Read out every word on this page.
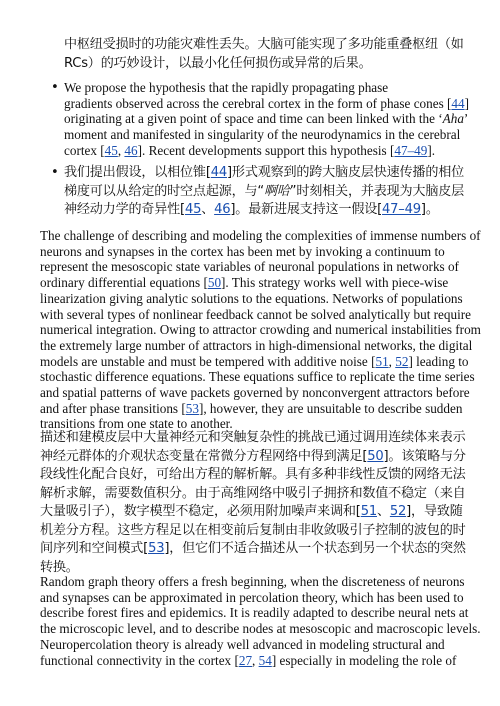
中枢纽受损时的功能灾难性丢失。大脑可能实现了多功能重叠枢纽（如

RCs）的巧妙设计，以最小化任何损伤或异常的后果。

• We propose the hypothesis that the rapidly propagating phase

gradients observed across the cerebral cortex in the form of phase cones [44]

originating at a given point of space and time can been linked with the ‘Aha’

moment and manifested in singularity of the neurodynamics in the cerebral

cortex [45, 46]. Recent developments support this hypothesis [47–49].

• 我们提出假设，以相位锥[44]形式观察到的跨大脑皮层快速传播的相位

梯度可以从给定的时空点起源，与“啊哈”时刻相关，并表现为大脑皮层

神经动力学的奇异性[45、46]。最新进展支持这一假设[47–49]。

The challenge of describing and modeling the complexities of immense numbers of

neurons and synapses in the cortex has been met by invoking a continuum to

represent the mesoscopic state variables of neuronal populations in networks of

ordinary differential equations [50]. This strategy works well with piece-wise

linearization giving analytic solutions to the equations. Networks of populations

with several types of nonlinear feedback cannot be solved analytically but require

numerical integration. Owing to attractor crowding and numerical instabilities from

the extremely large number of attractors in high-dimensional networks, the digital

models are unstable and must be tempered with additive noise [51, 52] leading to

stochastic difference equations. These equations suffice to replicate the time series

and spatial patterns of wave packets governed by nonconvergent attractors before

and after phase transitions [53], however, they are unsuitable to describe sudden

transitions from one state to another.

描述和建模皮层中大量神经元和突触复杂性的挑战已通过调用连续体来表示

神经元群体的介观状态变量在常微分方程网络中得到满足[50]。该策略与分

段线性化配合良好，可给出方程的解析解。具有多种非线性反馈的网络无法

解析求解，需要数值积分。由于高维网络中吸引子拥挤和数值不稳定（来自

大量吸引子），数字模型不稳定，必须用附加噪声来调和[51、52]，导致随

机差分方程。这些方程足以在相变前后复制由非收敛吸引子控制的波包的时

间序列和空间模式[53]，但它们不适合描述从一个状态到另一个状态的突然

转换。

Random graph theory offers a fresh beginning, when the discreteness of neurons

and synapses can be approximated in percolation theory, which has been used to

describe forest fires and epidemics. It is readily adapted to describe neural nets at

the microscopic level, and to describe nodes at mesoscopic and macroscopic levels.

Neuropercolation theory is already well advanced in modeling structural and

functional connectivity in the cortex [27, 54] especially in modeling the role of
